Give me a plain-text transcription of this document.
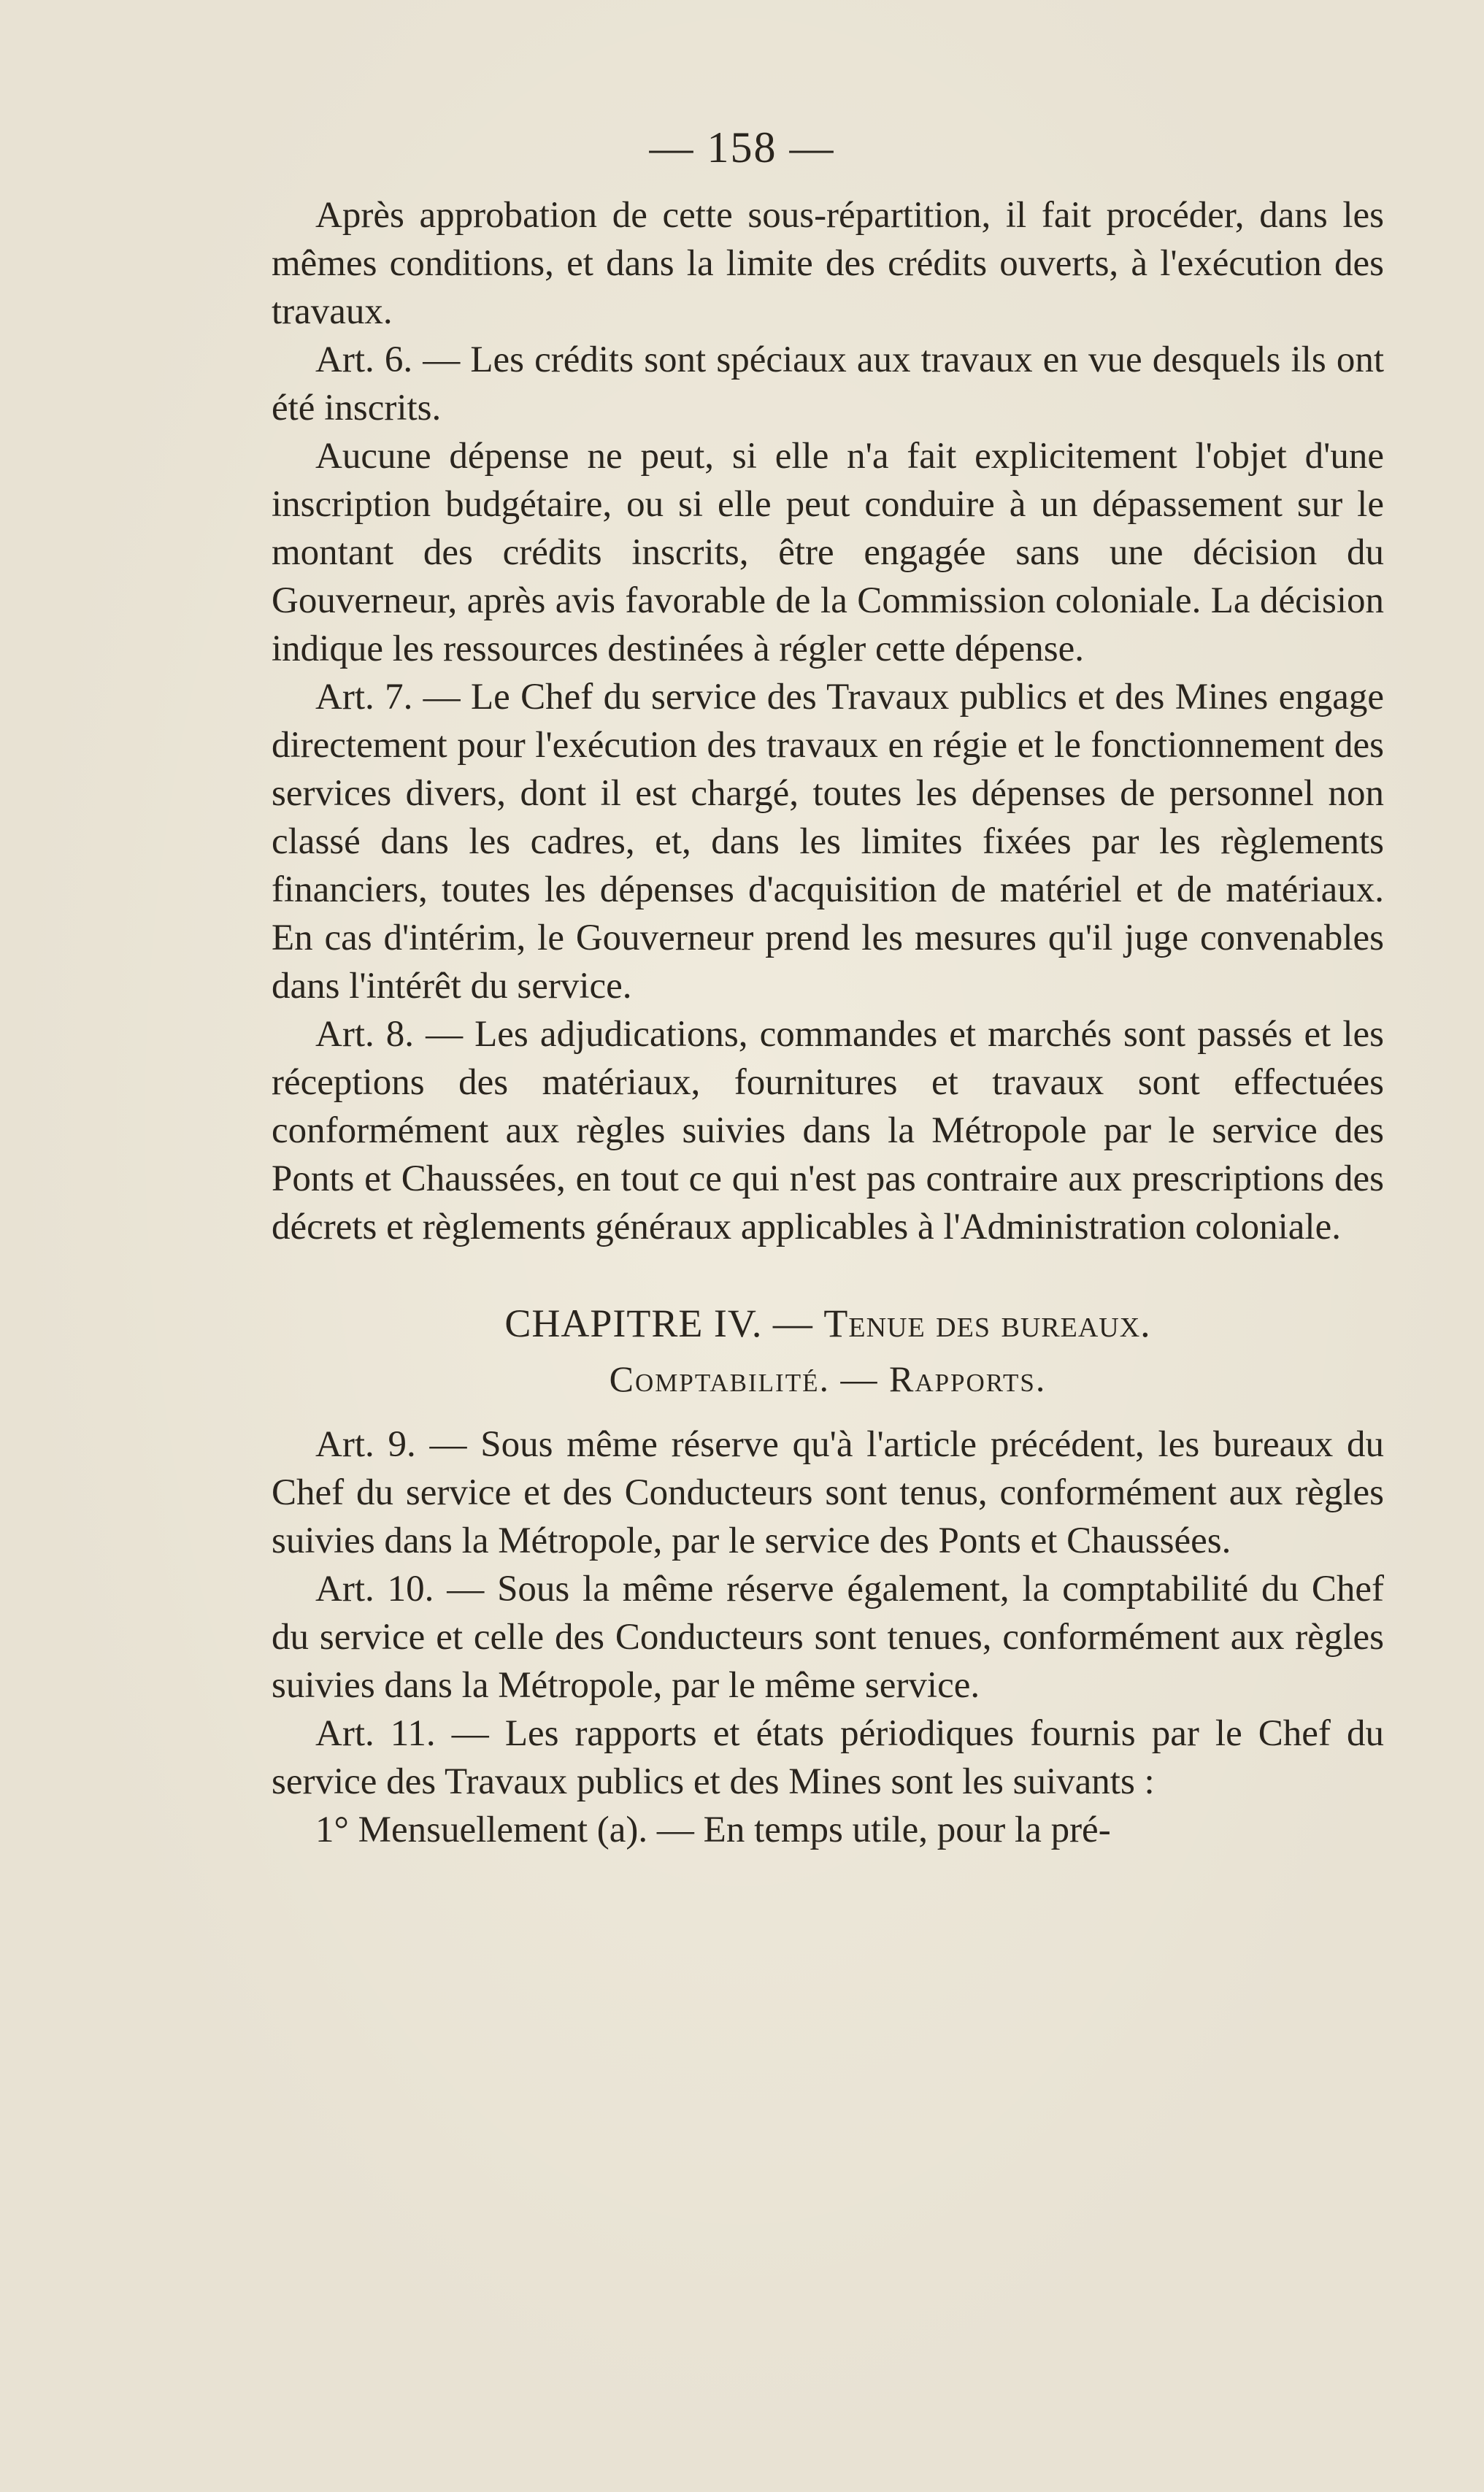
— 158 —

Après approbation de cette sous-répartition, il fait procéder, dans les mêmes conditions, et dans la limite des crédits ouverts, à l'exécution des travaux.

Art. 6. — Les crédits sont spéciaux aux travaux en vue desquels ils ont été inscrits.

Aucune dépense ne peut, si elle n'a fait explicitement l'objet d'une inscription budgétaire, ou si elle peut conduire à un dépassement sur le montant des crédits inscrits, être engagée sans une décision du Gouverneur, après avis favorable de la Commission coloniale. La décision indique les ressources destinées à régler cette dépense.

Art. 7. — Le Chef du service des Travaux publics et des Mines engage directement pour l'exécution des travaux en régie et le fonctionnement des services divers, dont il est chargé, toutes les dépenses de personnel non classé dans les cadres, et, dans les limites fixées par les règlements financiers, toutes les dépenses d'acquisition de matériel et de matériaux. En cas d'intérim, le Gouverneur prend les mesures qu'il juge convenables dans l'intérêt du service.

Art. 8. — Les adjudications, commandes et marchés sont passés et les réceptions des matériaux, fournitures et travaux sont effectuées conformément aux règles suivies dans la Métropole par le service des Ponts et Chaussées, en tout ce qui n'est pas contraire aux prescriptions des décrets et règlements généraux applicables à l'Administration coloniale.

CHAPITRE IV. — Tenue des bureaux.
Comptabilité. — Rapports.

Art. 9. — Sous même réserve qu'à l'article précédent, les bureaux du Chef du service et des Conducteurs sont tenus, conformément aux règles suivies dans la Métropole, par le service des Ponts et Chaussées.

Art. 10. — Sous la même réserve également, la comptabilité du Chef du service et celle des Conducteurs sont tenues, conformément aux règles suivies dans la Métropole, par le même service.

Art. 11. — Les rapports et états périodiques fournis par le Chef du service des Travaux publics et des Mines sont les suivants :

1° Mensuellement (a). — En temps utile, pour la pré-
